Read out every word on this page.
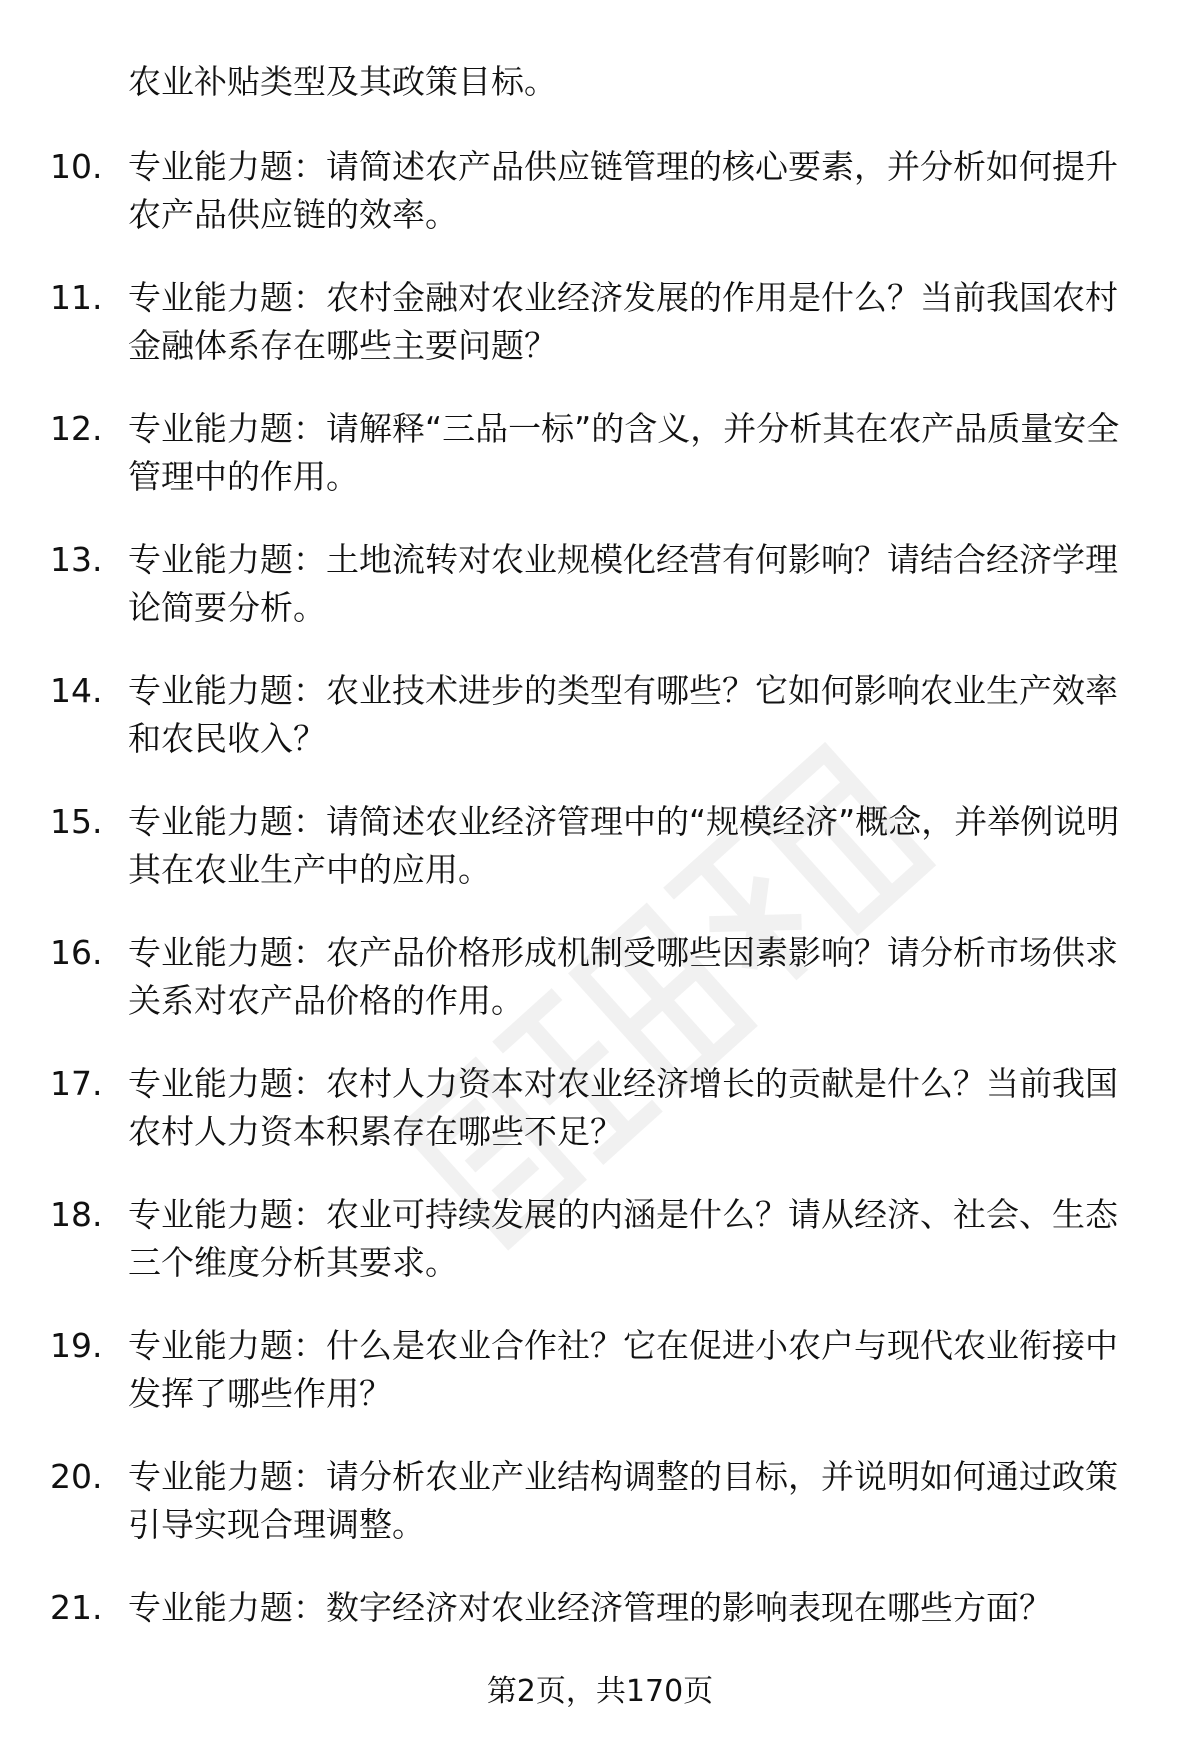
农业补贴类型及其政策目标。

10. 专业能力题：请简述农产品供应链管理的核心要素，并分析如何提升农产品供应链的效率。

11. 专业能力题：农村金融对农业经济发展的作用是什么？当前我国农村金融体系存在哪些主要问题？

12. 专业能力题：请解释“三品一标”的含义，并分析其在农产品质量安全管理中的作用。

13. 专业能力题：土地流转对农业规模化经营有何影响？请结合经济学理论简要分析。

14. 专业能力题：农业技术进步的类型有哪些？它如何影响农业生产效率和农民收入？

15. 专业能力题：请简述农业经济管理中的“规模经济”概念，并举例说明其在农业生产中的应用。

16. 专业能力题：农产品价格形成机制受哪些因素影响？请分析市场供求关系对农产品价格的作用。

17. 专业能力题：农村人力资本对农业经济增长的贡献是什么？当前我国农村人力资本积累存在哪些不足？

18. 专业能力题：农业可持续发展的内涵是什么？请从经济、社会、生态三个维度分析其要求。

19. 专业能力题：什么是农业合作社？它在促进小农户与现代农业衔接中发挥了哪些作用？

20. 专业能力题：请分析农业产业结构调整的目标，并说明如何通过政策引导实现合理调整。

21. 专业能力题：数字经济对农业经济管理的影响表现在哪些方面？

第2页，共170页
